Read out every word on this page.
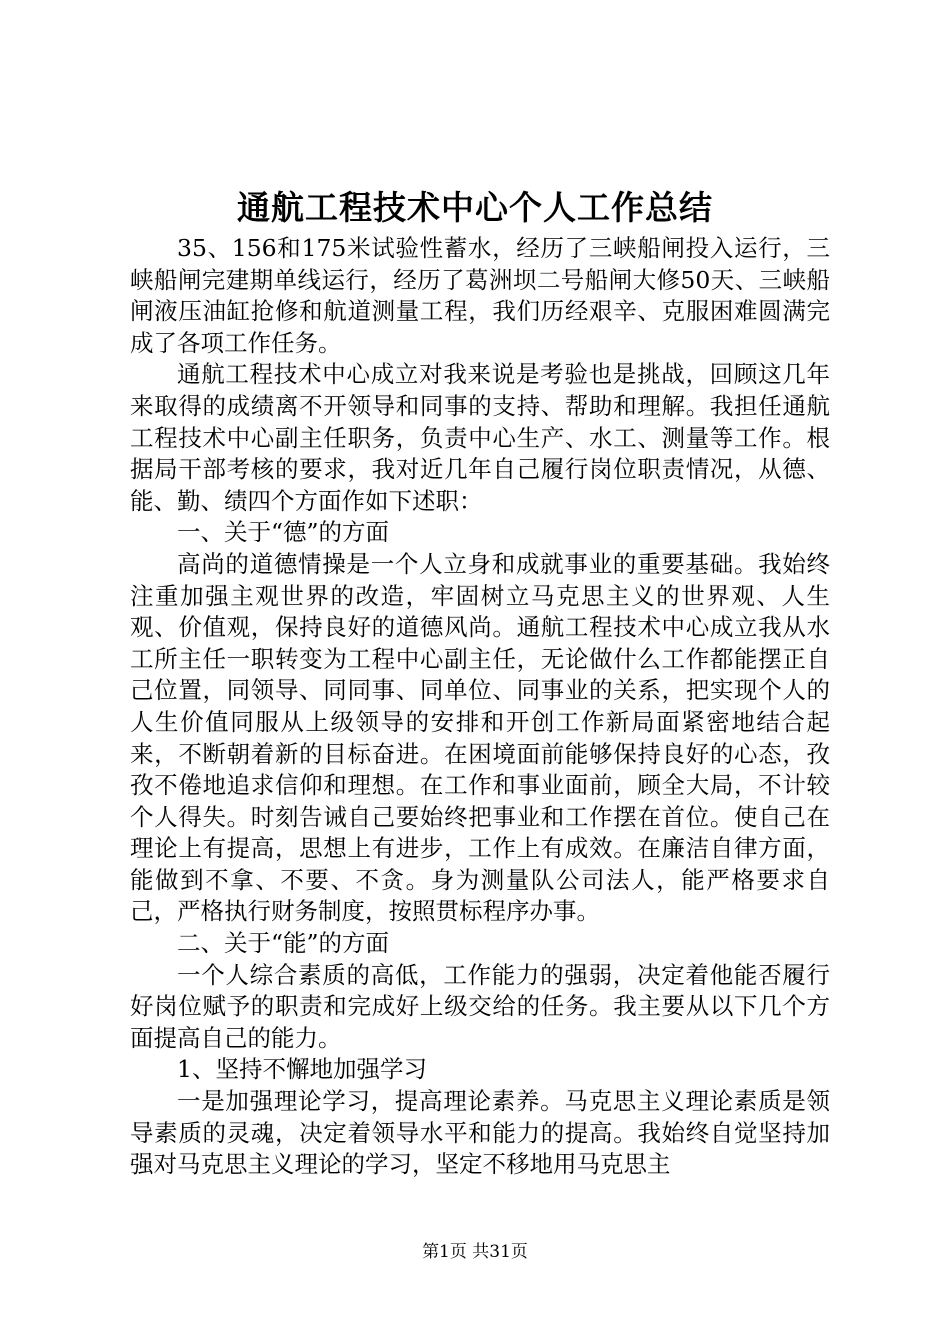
通航工程技术中心个人工作总结

35、156和175米试验性蓄水，经历了三峡船闸投入运行，三峡船闸完建期单线运行，经历了葛洲坝二号船闸大修50天、三峡船闸液压油缸抢修和航道测量工程，我们历经艰辛、克服困难圆满完成了各项工作任务。

通航工程技术中心成立对我来说是考验也是挑战，回顾这几年来取得的成绩离不开领导和同事的支持、帮助和理解。我担任通航工程技术中心副主任职务，负责中心生产、水工、测量等工作。根据局干部考核的要求，我对近几年自己履行岗位职责情况，从德、能、勤、绩四个方面作如下述职：

一、关于“德”的方面

高尚的道德情操是一个人立身和成就事业的重要基础。我始终注重加强主观世界的改造，牢固树立马克思主义的世界观、人生观、价值观，保持良好的道德风尚。通航工程技术中心成立我从水工所主任一职转变为工程中心副主任，无论做什么工作都能摆正自己位置，同领导、同同事、同单位、同事业的关系，把实现个人的人生价值同服从上级领导的安排和开创工作新局面紧密地结合起来，不断朝着新的目标奋进。在困境面前能够保持良好的心态，孜孜不倦地追求信仰和理想。在工作和事业面前，顾全大局，不计较个人得失。时刻告诫自己要始终把事业和工作摆在首位。使自己在理论上有提高，思想上有进步，工作上有成效。在廉洁自律方面，能做到不拿、不要、不贪。身为测量队公司法人，能严格要求自己，严格执行财务制度，按照贯标程序办事。

二、关于“能”的方面

一个人综合素质的高低，工作能力的强弱，决定着他能否履行好岗位赋予的职责和完成好上级交给的任务。我主要从以下几个方面提高自己的能力。

1、坚持不懈地加强学习

一是加强理论学习，提高理论素养。马克思主义理论素质是领导素质的灵魂，决定着领导水平和能力的提高。我始终自觉坚持加强对马克思主义理论的学习，坚定不移地用马克思主

第1页 共31页
